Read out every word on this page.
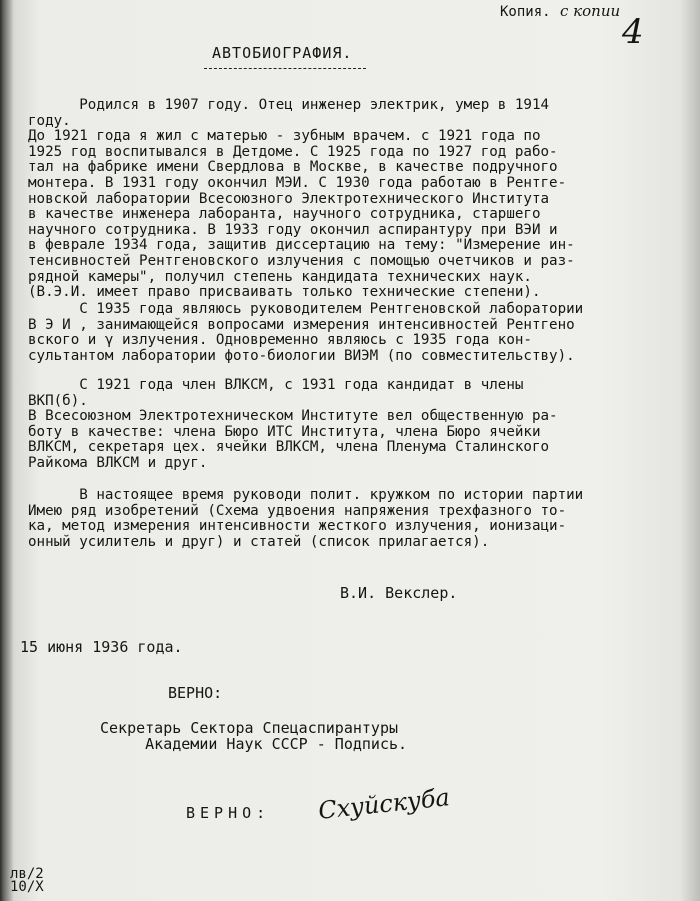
Копия. с копии
4
АВТОБИОГРАФИЯ.
Родился в 1907 году. Отец инженер электрик, умер в 1914
году.
До 1921 года я жил с матерью - зубным врачем. с 1921 года по
1925 год воспитывался в Детдоме. С 1925 года по 1927 год рабо-
тал на фабрике имени Свердлова в Москве, в качестве подручного
монтера. В 1931 году окончил МЭИ. С 1930 года работаю в Рентге-
новской лаборатории Всесоюзного Электротехнического Института
в качестве инженера лаборанта, научного сотрудника, старшего
научного сотрудника. В 1933 году окончил аспирантуру при ВЭИ и
в феврале 1934 года, защитив диссертацию на тему: "Измерение ин-
тенсивностей Рентгеновского излучения с помощью очетчиков и раз-
рядной камеры", получил степень кандидата технических наук.
(В.Э.И. имеет право присваивать только технические степени).
С 1935 года являюсь руководителем Рентгеновской лаборатории
В Э И , занимающейся вопросами измерения интенсивностей Рентгено
вского и γ излучения. Одновременно являюсь с 1935 года кон-
сультантом лаборатории фото-биологии ВИЭМ (по совместительству).
С 1921 года член ВЛКСМ, с 1931 года кандидат в члены
ВКП(б).
В Всесоюзном Электротехническом Институте вел общественную ра-
боту в качестве: члена Бюро ИТС Института, члена Бюро ячейки
ВЛКСМ, секретаря цех. ячейки ВЛКСМ, члена Пленума Сталинского
Райкома ВЛКСМ и друг.
В настоящее время руководи полит. кружком по истории партии
Имею ряд изобретений (Схема удвоения напряжения трехфазного то-
ка, метод измерения интенсивности жесткого излучения, ионизаци-
онный усилитель и друг) и статей (список прилагается).
В.И. Векслер.
15 июня 1936 года.
ВЕРНО:
Секретарь Сектора Спецаспирантуры
Академии Наук СССР - Подпись.
ВЕРНО: Схуйскуба
лв/2
10/Х
